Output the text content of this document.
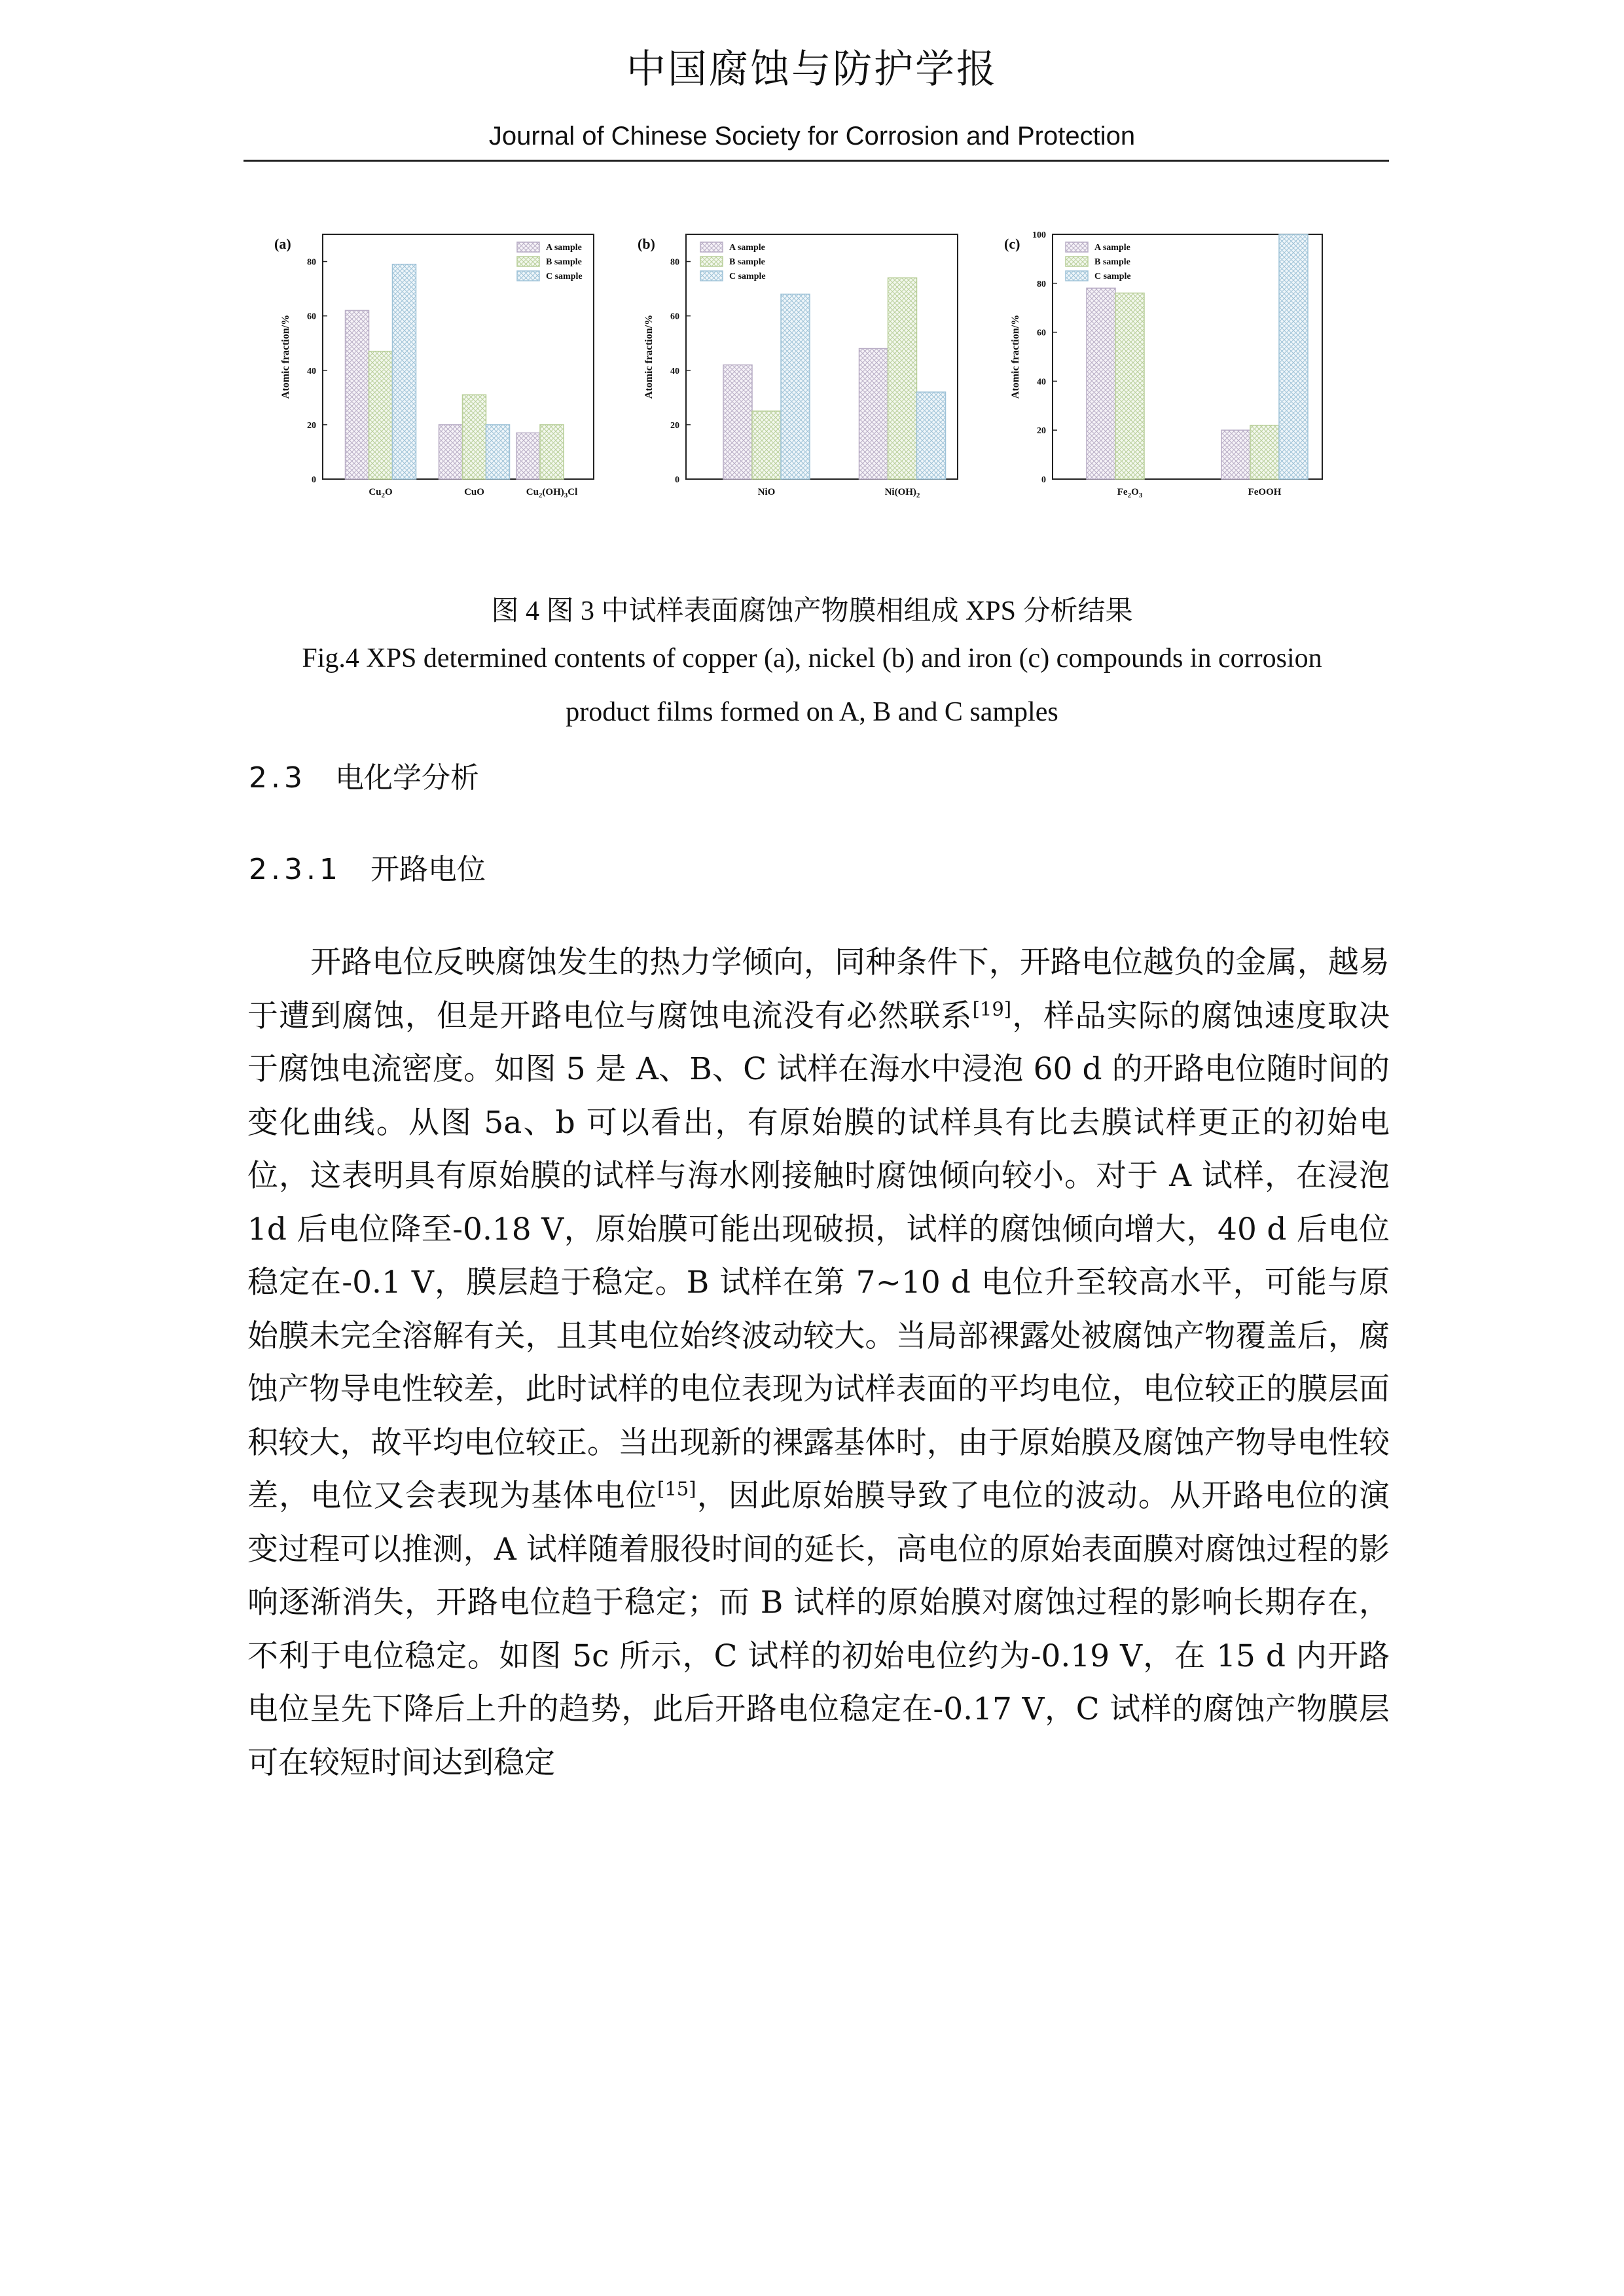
中国腐蚀与防护学报
Journal of Chinese Society for Corrosion and Protection
(a)
Atomic fraction/%
0
20
40
60
80
$Cu_2O$	CuO	$Cu_2(OH)_3Cl$
A sample
B sample
C sample
(b)
Atomic fraction/%
0
20
40
60
80
NiO	$Ni(OH)_2$
A sample
B sample
C sample
(c)
Atomic fraction/%
0
20
40
60
80
100
$Fe_2O_3$	FeOOH
A sample
B sample
C sample
图 4 图 3 中试样表面腐蚀产物膜相组成 XPS 分析结果
Fig.4 XPS determined contents of copper (a), nickel (b) and iron (c) compounds in corrosion
product films formed on A, B and C samples
2.3 电化学分析
2.3.1 开路电位

开路电位反映腐蚀发生的热力学倾向，同种条件下，开路电位越负的金属，越易于遭到腐蚀，但是开路电位与腐蚀电流没有必然联系[19]，样品实际的腐蚀速度取决于腐蚀电流密度。如图 5 是 A、B、C 试样在海水中浸泡 60 d 的开路电位随时间的变化曲线。从图 5a、b 可以看出，有原始膜的试样具有比去膜试样更正的初始电位，这表明具有原始膜的试样与海水刚接触时腐蚀倾向较小。对于 A 试样，在浸泡 1d 后电位降至-0.18 V，原始膜可能出现破损，试样的腐蚀倾向增大，40 d 后电位稳定在-0.1 V，膜层趋于稳定。B 试样在第 7~10 d 电位升至较高水平，可能与原始膜未完全溶解有关，且其电位始终波动较大。当局部裸露处被腐蚀产物覆盖后，腐蚀产物导电性较差，此时试样的电位表现为试样表面的平均电位，电位较正的膜层面积较大，故平均电位较正。当出现新的裸露基体时，由于原始膜及腐蚀产物导电性较差，电位又会表现为基体电位[15]，因此原始膜导致了电位的波动。从开路电位的演变过程可以推测，A 试样随着服役时间的延长，高电位的原始表面膜对腐蚀过程的影响逐渐消失，开路电位趋于稳定；而 B 试样的原始膜对腐蚀过程的影响长期存在，不利于电位稳定。如图 5c 所示，C 试样的初始电位约为-0.19 V，在 15 d 内开路电位呈先下降后上升的趋势，此后开路电位稳定在-0.17 V，C 试样的腐蚀产物膜层可在较短时间达到稳定
